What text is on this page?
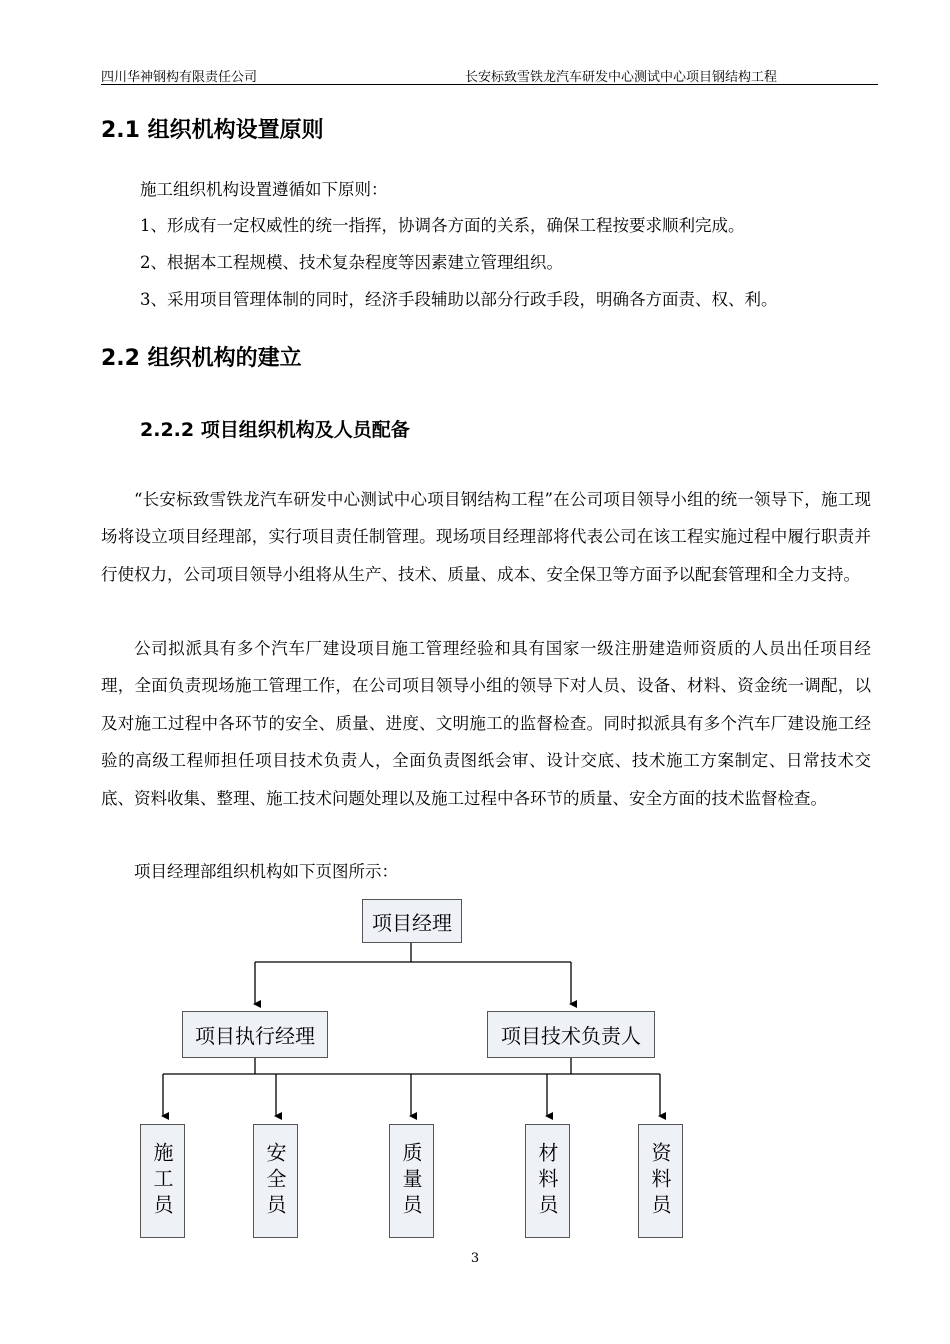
四川华神钢构有限责任公司	长安标致雪铁龙汽车研发中心测试中心项目钢结构工程
2.1 组织机构设置原则
施工组织机构设置遵循如下原则：
1、形成有一定权威性的统一指挥，协调各方面的关系，确保工程按要求顺利完成。
2、根据本工程规模、技术复杂程度等因素建立管理组织。
3、采用项目管理体制的同时，经济手段辅助以部分行政手段，明确各方面责、权、利。
2.2 组织机构的建立
2.2.2 项目组织机构及人员配备

“长安标致雪铁龙汽车研发中心测试中心项目钢结构工程”在公司项目领导小组的统一领导下，施工现场将设立项目经理部，实行项目责任制管理。现场项目经理部将代表公司在该工程实施过程中履行职责并行使权力，公司项目领导小组将从生产、技术、质量、成本、安全保卫等方面予以配套管理和全力支持。

公司拟派具有多个汽车厂建设项目施工管理经验和具有国家一级注册建造师资质的人员出任项目经理，全面负责现场施工管理工作，在公司项目领导小组的领导下对人员、设备、材料、资金统一调配，以及对施工过程中各环节的安全、质量、进度、文明施工的监督检查。同时拟派具有多个汽车厂建设施工经验的高级工程师担任项目技术负责人，全面负责图纸会审、设计交底、技术施工方案制定、日常技术交底、资料收集、整理、施工技术问题处理以及施工过程中各环节的质量、安全方面的技术监督检查。

项目经理部组织机构如下页图所示：

项目经理
项目执行经理	项目技术负责人
施工员	安全员	质量员	材料员	资料员
3
